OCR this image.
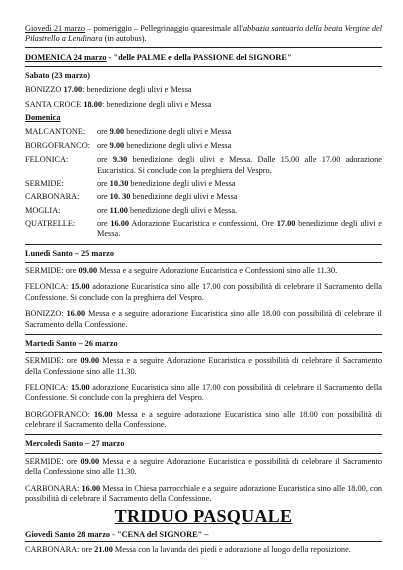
Giovedì 21 marzo – pomeriggio – Pellegrinaggio quaresimale all'abbazia santuario della beata Vergine del Pilastrello a Lendinara (in autobus).

DOMENICA 24 marzo - "delle PALME e della PASSIONE del SIGNORE"
Sabato (23 marzo)

BONIZZO 17.00: benedizione degli ulivi e Messa

SANTA CROCE 18.00: benedizione degli ulivi e Messa

Domenica
MALCANTONE:	ore 9.00 benedizione degli ulivi e Messa
BORGOFRANCO: ore 9.00 benedizione degli ulivi e Messa
FELONICA:	ore 9.30 benedizione degli ulivi e Messa. Dalle 15.00 alle 17.00 adorazione Eucaristica. Si conclude con la preghiera del Vespro.
SERMIDE:	ore 10.30 benedizione degli ulivi e Messa
CARBONARA:	ore 10. 30 benedizione degli ulivi e Messa
MOGLIA:	ore 11.00 benedizione degli ulivi e Messa.
QUATRELLE:	ore 16.00 Adorazione Eucaristica e confessioni. Ore 17.00 benedizione degli ulivi e Messa.
Lunedì Santo – 25 marzo

SERMIDE: ore 09.00 Messa e a seguire Adorazione Eucaristica e Confessioni sino alle 11.30.

FELONICA: 15.00 adorazione Eucaristica sino alle 17.00 con possibilità di celebrare il Sacramento della Confessione. Si conclude con la preghiera del Vespro.

BONIZZO: 16.00 Messa e a seguire adorazione Eucaristica sino alle 18.00 con possibilità di celebrare il Sacramento della Confessione.

Martedì Santo – 26 marzo

SERMIDE: ore 09.00 Messa e a seguire Adorazione Eucaristica e possibilità di celebrare il Sacramento della Confessione sino alle 11.30.

FELONICA: 15.00 adorazione Eucaristica sino alle 17.00 con possibilità di celebrare il Sacramento della Confessione. Si conclude con la preghiera del Vespro.

BORGOFRANCO: 16.00 Messa e a seguire adorazione Eucaristica sino alle 18.00 con possibilità di celebrare il Sacramento della Confessione.

Mercoledì Santo – 27 marzo

SERMIDE: ore 09.00 Messa e a seguire Adorazione Eucaristica e possibilità di celebrare il Sacramento della Confessione sino alle 11.30.

CARBONARA: 16.00 Messa in Chiesa parrocchiale e a seguire adorazione Eucaristica sino alle 18.00, con possibilità di celebrare il Sacramento della Confessione.

TRIDUO PASQUALE
Giovedì Santo 28 marzo - "CENA del SIGNORE" –

CARBONARA: ore 21.00 Messa con la lavanda dei piedi e adorazione al luogo della reposizione.
